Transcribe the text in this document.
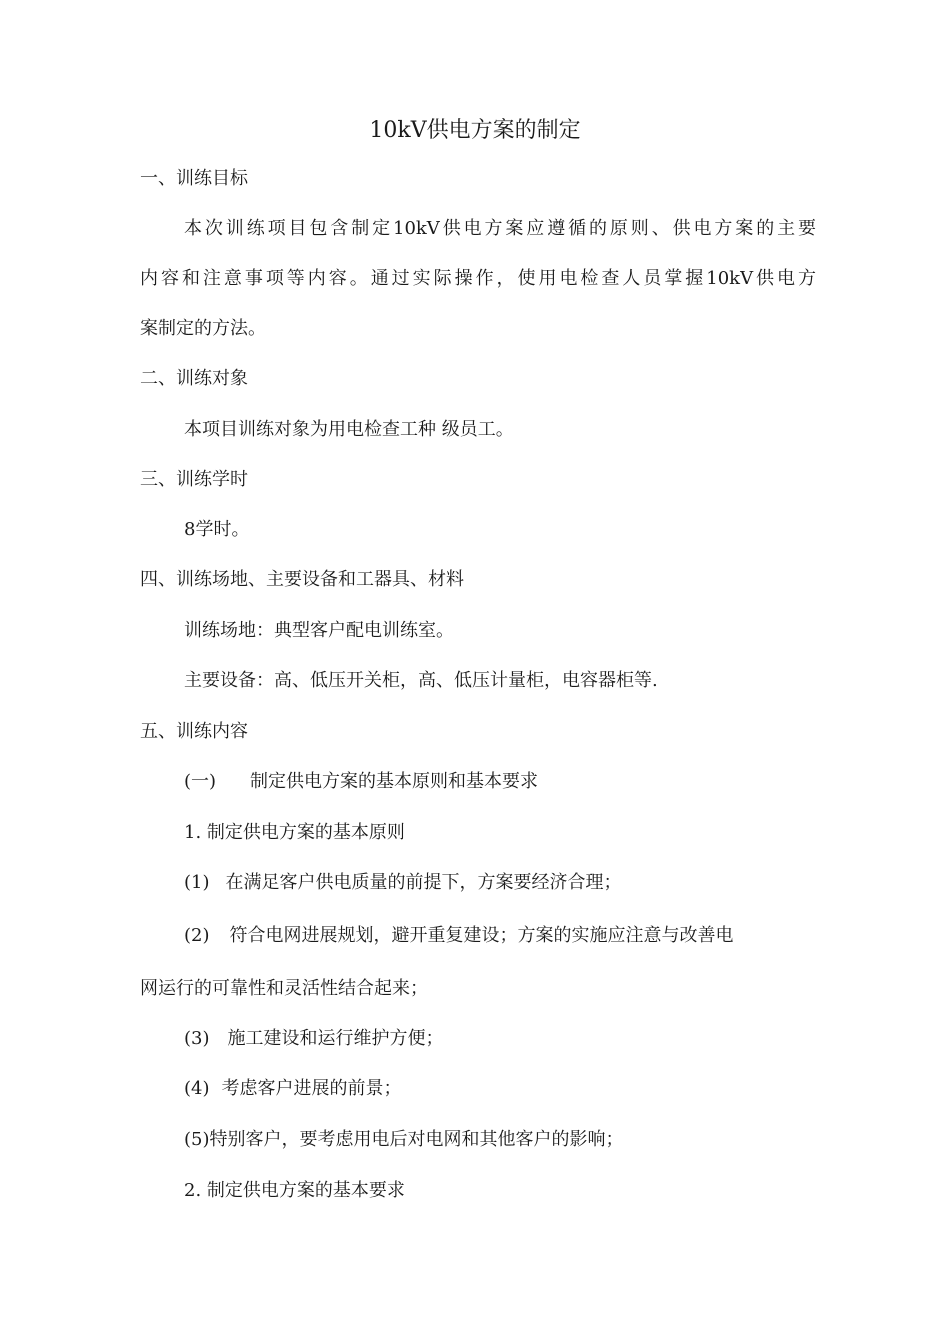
10kV供电方案的制定
一、训练目标
本次训练项目包含制定10kV供电方案应遵循的原则、供电方案的主要
内容和注意事项等内容。通过实际操作，使用电检查人员掌握10kV供电方
案制定的方法。
二、训练对象
本项目训练对象为用电检查工种 级员工。
三、训练学时
8学时。
四、训练场地、主要设备和工器具、材料
训练场地：典型客户配电训练室。
主要设备：高、低压开关柜，高、低压计量柜，电容器柜等.
五、训练内容
(一) 制定供电方案的基本原则和基本要求
1. 制定供电方案的基本原则
(1) 在满足客户供电质量的前提下，方案要经济合理；
(2) 符合电网进展规划，避开重复建设；方案的实施应注意与改善电
网运行的可靠性和灵活性结合起来；
(3) 施工建设和运行维护方便；
(4) 考虑客户进展的前景；
(5)特别客户，要考虑用电后对电网和其他客户的影响；
2. 制定供电方案的基本要求
